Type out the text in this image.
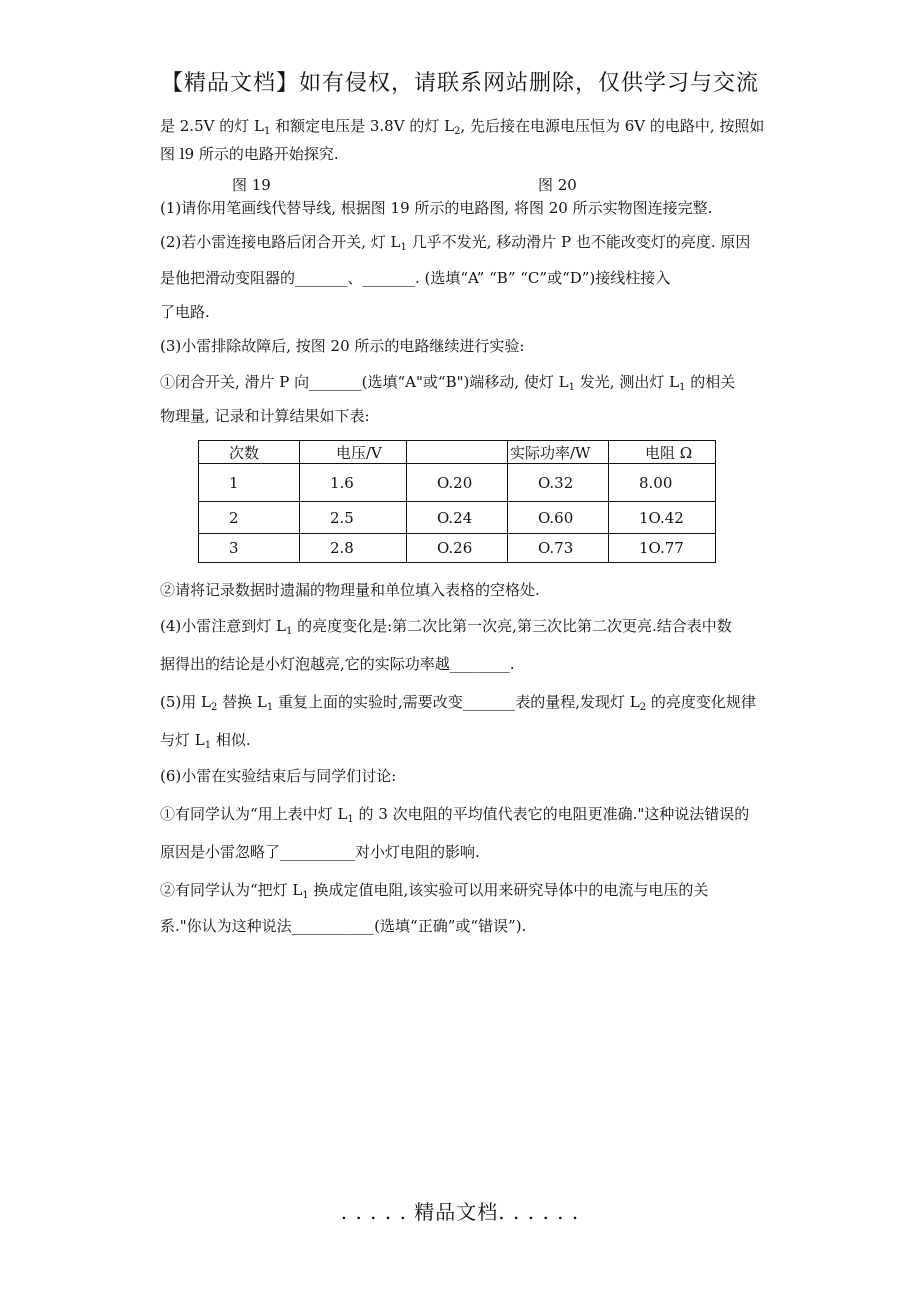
【精品文档】如有侵权，请联系网站删除，仅供学习与交流

是 2.5V 的灯 $L_1$ 和额定电压是 3.8V 的灯 $L_2$, 先后接在电源电压恒为 6V 的电路中, 按照如

图 l9 所示的电路开始探究.

图 19	图 20

(1)请你用笔画线代替导线, 根据图 19 所示的电路图, 将图 20 所示实物图连接完整.

(2)若小雷连接电路后闭合开关, 灯 $L_1$ 几乎不发光, 移动滑片 P 也不能改变灯的亮度. 原因

是他把滑动变阻器的_______、_______. (选填“A” “B” “C”或“D”)接线柱接入

了电路.

(3)小雷排除故障后, 按图 20 所示的电路继续进行实验:

①闭合开关, 滑片 P 向_______(选填“A"或“B")端移动, 使灯 $L_1$ 发光, 测出灯 $L_1$ 的相关

物理量, 记录和计算结果如下表:

次数	电压/V		实际功率/W	电阻 Ω
1	1.6	O.20	O.32	8.00
2	2.5	O.24	O.60	1O.42
3	2.8	O.26	O.73	1O.77

②请将记录数据时遗漏的物理量和单位填入表格的空格处.

(4)小雷注意到灯 $L_1$ 的亮度变化是:第二次比第一次亮,第三次比第二次更亮.结合表中数

据得出的结论是小灯泡越亮,它的实际功率越________.

(5)用 $L_2$ 替换 $L_1$ 重复上面的实验时,需要改变_______表的量程,发现灯 $L_2$ 的亮度变化规律

与灯 $L_1$ 相似.

(6)小雷在实验结束后与同学们讨论:

①有同学认为“用上表中灯 $L_1$ 的 3 次电阻的平均值代表它的电阻更准确."这种说法错误的

原因是小雷忽略了__________对小灯电阻的影响.

②有同学认为“把灯 $L_1$ 换成定值电阻,该实验可以用来研究导体中的电流与电压的关

系."你认为这种说法___________(选填“正确”或“错误”).

. . . . . 精品文档. . . . . .
